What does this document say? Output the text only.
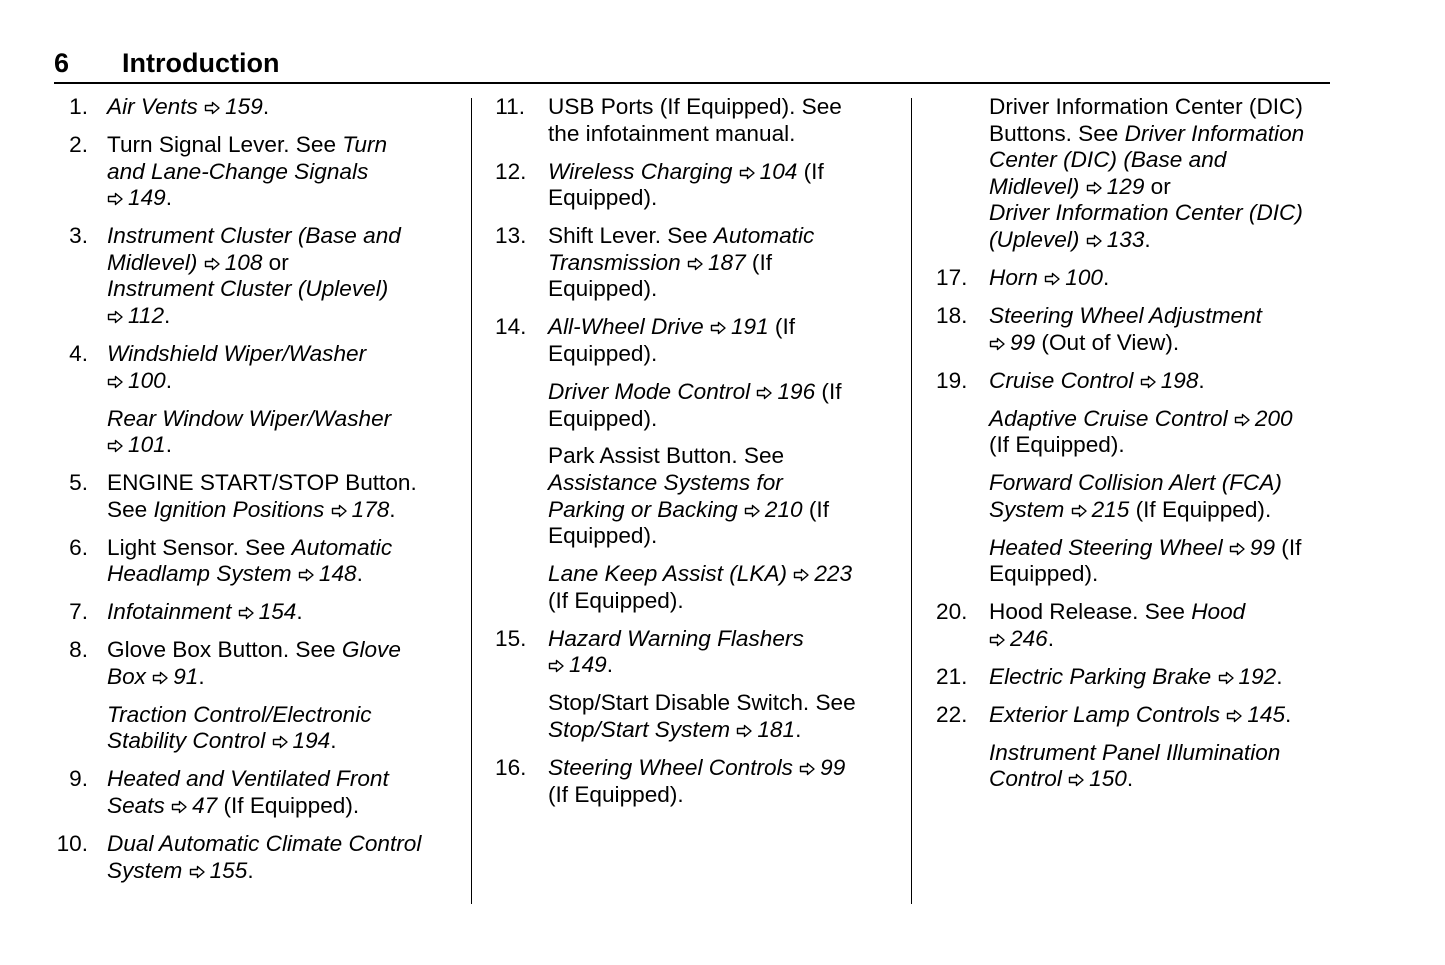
6 Introduction
1. Air Vents
159.
2. Turn Signal Lever. See Turn
and Lane-Change Signals
149.
3. Instrument Cluster (Base and
Midlevel)
108 or
Instrument Cluster (Uplevel)
112.
4. Windshield Wiper/Washer
100.
Rear Window Wiper/Washer
101.
5. ENGINE START/STOP Button.
See Ignition Positions
178.
6. Light Sensor. See Automatic
Headlamp System
148.
7. Infotainment
154.
8. Glove Box Button. See Glove
Box
91.
Traction Control/Electronic
Stability Control
194.
9. Heated and Ventilated Front
Seats
47 (If Equipped).
10. Dual Automatic Climate Control
System
155.
11. USB Ports (If Equipped). See
the infotainment manual.
12. Wireless Charging
104 (If
Equipped).
13. Shift Lever. See Automatic
Transmission
187 (If
Equipped).
14. All-Wheel Drive
191 (If
Equipped).
Driver Mode Control
196 (If
Equipped).
Park Assist Button. See
Assistance Systems for
Parking or Backing
210 (If
Equipped).
Lane Keep Assist (LKA)
223
(If Equipped).
15. Hazard Warning Flashers
149.
Stop/Start Disable Switch. See
Stop/Start System
181.
16. Steering Wheel Controls
99
(If Equipped).
Driver Information Center (DIC)
Buttons. See Driver Information
Center (DIC) (Base and
Midlevel)
129 or
Driver Information Center (DIC)
(Uplevel)
133.
17. Horn
100.
18. Steering Wheel Adjustment
99 (Out of View).
19. Cruise Control
198.
Adaptive Cruise Control
200
(If Equipped).
Forward Collision Alert (FCA)
System
215 (If Equipped).
Heated Steering Wheel
99 (If
Equipped).
20. Hood Release. See Hood
246.
21. Electric Parking Brake
192.
22. Exterior Lamp Controls
145.
Instrument Panel Illumination
Control
150.
